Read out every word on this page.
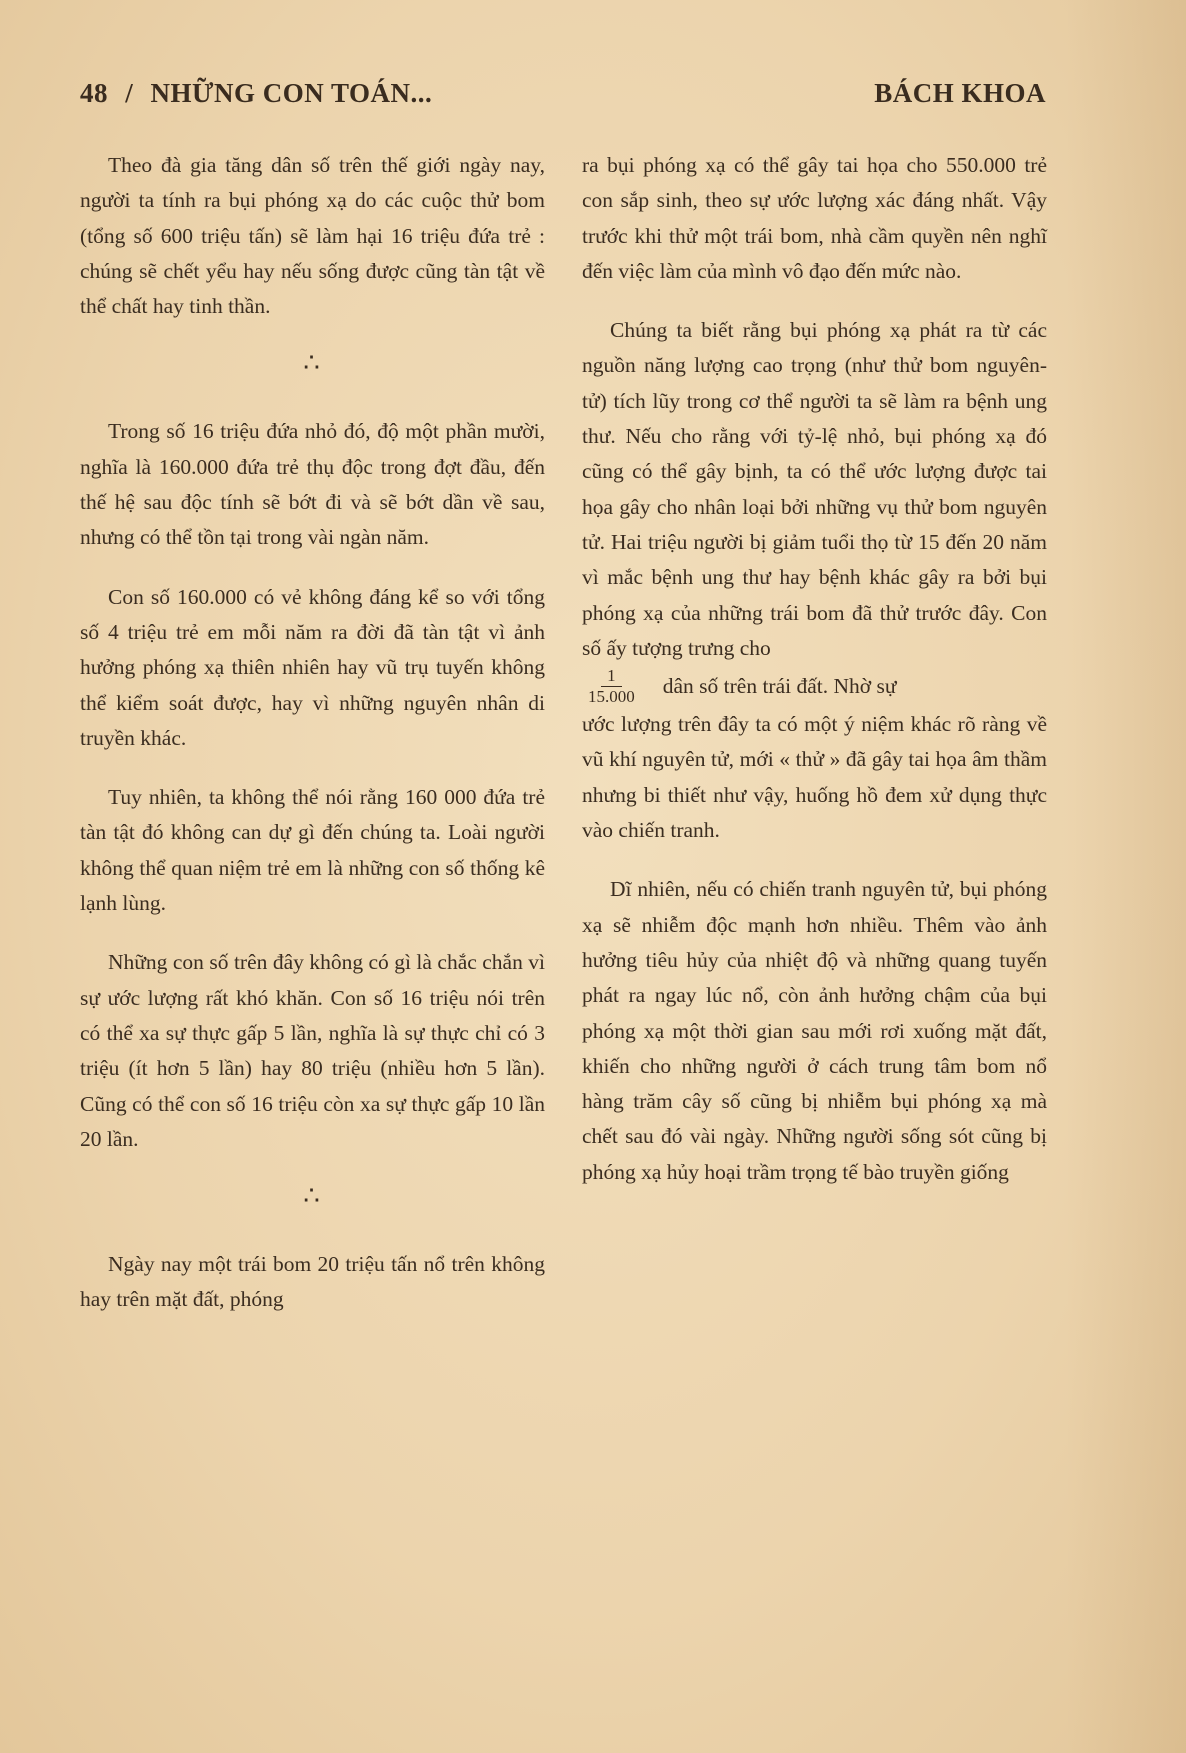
48 / NHỮNG CON TOÁN...	BÁCH KHOA

Theo đà gia tăng dân số trên thế giới ngày nay, người ta tính ra bụi phóng xạ do các cuộc thử bom (tổng số 600 triệu tấn) sẽ làm hại 16 triệu đứa trẻ : chúng sẽ chết yểu hay nếu sống được cũng tàn tật về thể chất hay tinh thần.

∴

Trong số 16 triệu đứa nhỏ đó, độ một phần mười, nghĩa là 160.000 đứa trẻ thụ độc trong đợt đầu, đến thế hệ sau độc tính sẽ bớt đi và sẽ bớt dần về sau, nhưng có thể tồn tại trong vài ngàn năm.

Con số 160.000 có vẻ không đáng kể so với tổng số 4 triệu trẻ em mỗi năm ra đời đã tàn tật vì ảnh hưởng phóng xạ thiên nhiên hay vũ trụ tuyến không thể kiểm soát được, hay vì những nguyên nhân di truyền khác.

Tuy nhiên, ta không thể nói rằng 160 000 đứa trẻ tàn tật đó không can dự gì đến chúng ta. Loài người không thể quan niệm trẻ em là những con số thống kê lạnh lùng.

Những con số trên đây không có gì là chắc chắn vì sự ước lượng rất khó khăn. Con số 16 triệu nói trên có thể xa sự thực gấp 5 lần, nghĩa là sự thực chỉ có 3 triệu (ít hơn 5 lần) hay 80 triệu (nhiều hơn 5 lần). Cũng có thể con số 16 triệu còn xa sự thực gấp 10 lần 20 lần.

∴

Ngày nay một trái bom 20 triệu tấn nổ trên không hay trên mặt đất, phóng

ra bụi phóng xạ có thể gây tai họa cho 550.000 trẻ con sắp sinh, theo sự ước lượng xác đáng nhất. Vậy trước khi thử một trái bom, nhà cầm quyền nên nghĩ đến việc làm của mình vô đạo đến mức nào.

Chúng ta biết rằng bụi phóng xạ phát ra từ các nguồn năng lượng cao trọng (như thử bom nguyên-tử) tích lũy trong cơ thể người ta sẽ làm ra bệnh ung thư. Nếu cho rằng với tỷ-lệ nhỏ, bụi phóng xạ đó cũng có thể gây bịnh, ta có thể ước lượng được tai họa gây cho nhân loại bởi những vụ thử bom nguyên tử. Hai triệu người bị giảm tuổi thọ từ 15 đến 20 năm vì mắc bệnh ung thư hay bệnh khác gây ra bởi bụi phóng xạ của những trái bom đã thử trước đây. Con số ấy tượng trưng cho

$\frac{1}{15.000}$ dân số trên trái đất. Nhờ sự

ước lượng trên đây ta có một ý niệm khác rõ ràng về vũ khí nguyên tử, mới « thử » đã gây tai họa âm thầm nhưng bi thiết như vậy, huống hồ đem xử dụng thực vào chiến tranh.

Dĩ nhiên, nếu có chiến tranh nguyên tử, bụi phóng xạ sẽ nhiễm độc mạnh hơn nhiều. Thêm vào ảnh hưởng tiêu hủy của nhiệt độ và những quang tuyến phát ra ngay lúc nổ, còn ảnh hưởng chậm của bụi phóng xạ một thời gian sau mới rơi xuống mặt đất, khiến cho những người ở cách trung tâm bom nổ hàng trăm cây số cũng bị nhiễm bụi phóng xạ mà chết sau đó vài ngày. Những người sống sót cũng bị phóng xạ hủy hoại trầm trọng tế bào truyền giống
